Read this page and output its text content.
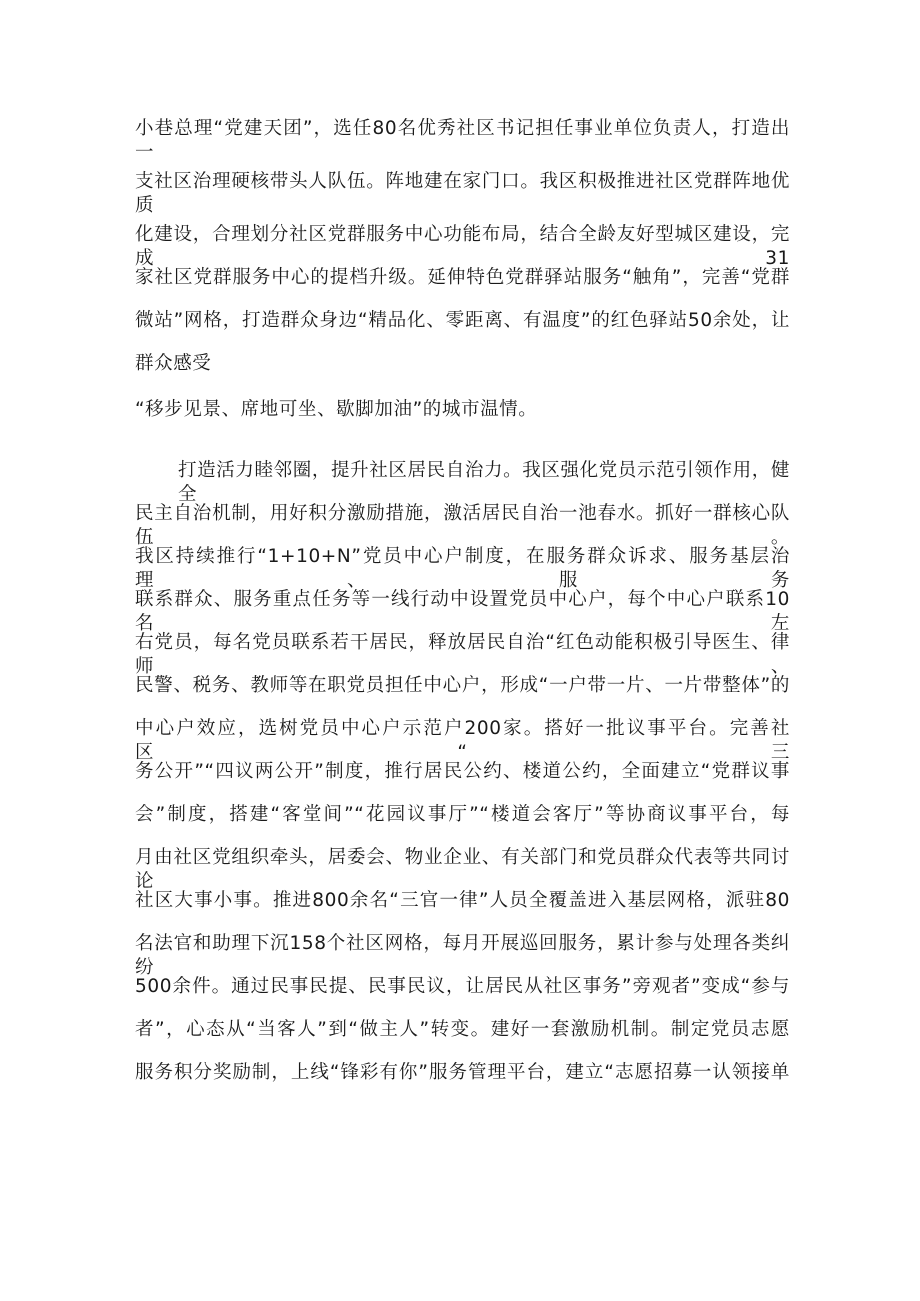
小巷总理“党建天团”，选任80名优秀社区书记担任事业单位负责人，打造出一
支社区治理硬核带头人队伍。阵地建在家门口。我区积极推进社区党群阵地优质
化建设，合理划分社区党群服务中心功能布局，结合全龄友好型城区建设，完成31
家社区党群服务中心的提档升级。延伸特色党群驿站服务“触角”，完善“党群
微站”网格，打造群众身边“精品化、零距离、有温度”的红色驿站50余处，让
群众感受
“移步见景、席地可坐、歇脚加油”的城市温情。
打造活力睦邻圈，提升社区居民自治力。我区强化党员示范引领作用，健全
民主自治机制，用好积分激励措施，激活居民自治一池春水。抓好一群核心队伍。
我区持续推行“1+10+N”党员中心户制度，在服务群众诉求、服务基层治理、服务
联系群众、服务重点任务等一线行动中设置党员中心户，每个中心户联系10名左
右党员，每名党员联系若干居民，释放居民自治“红色动能积极引导医生、律师、
民警、税务、教师等在职党员担任中心户，形成“一户带一片、一片带整体”的
中心户效应，选树党员中心户示范户200家。搭好一批议事平台。完善社区“三
务公开”“四议两公开”制度，推行居民公约、楼道公约，全面建立“党群议事
会”制度，搭建“客堂间”“花园议事厅”“楼道会客厅”等协商议事平台，每
月由社区党组织牵头，居委会、物业企业、有关部门和党员群众代表等共同讨论
社区大事小事。推进800余名“三官一律”人员全覆盖进入基层网格，派驻80
名法官和助理下沉158个社区网格，每月开展巡回服务，累计参与处理各类纠纷
500余件。通过民事民提、民事民议，让居民从社区事务”旁观者”变成“参与
者”，心态从“当客人”到“做主人”转变。建好一套激励机制。制定党员志愿
服务积分奖励制，上线“锋彩有你”服务管理平台，建立“志愿招募一认领接单
